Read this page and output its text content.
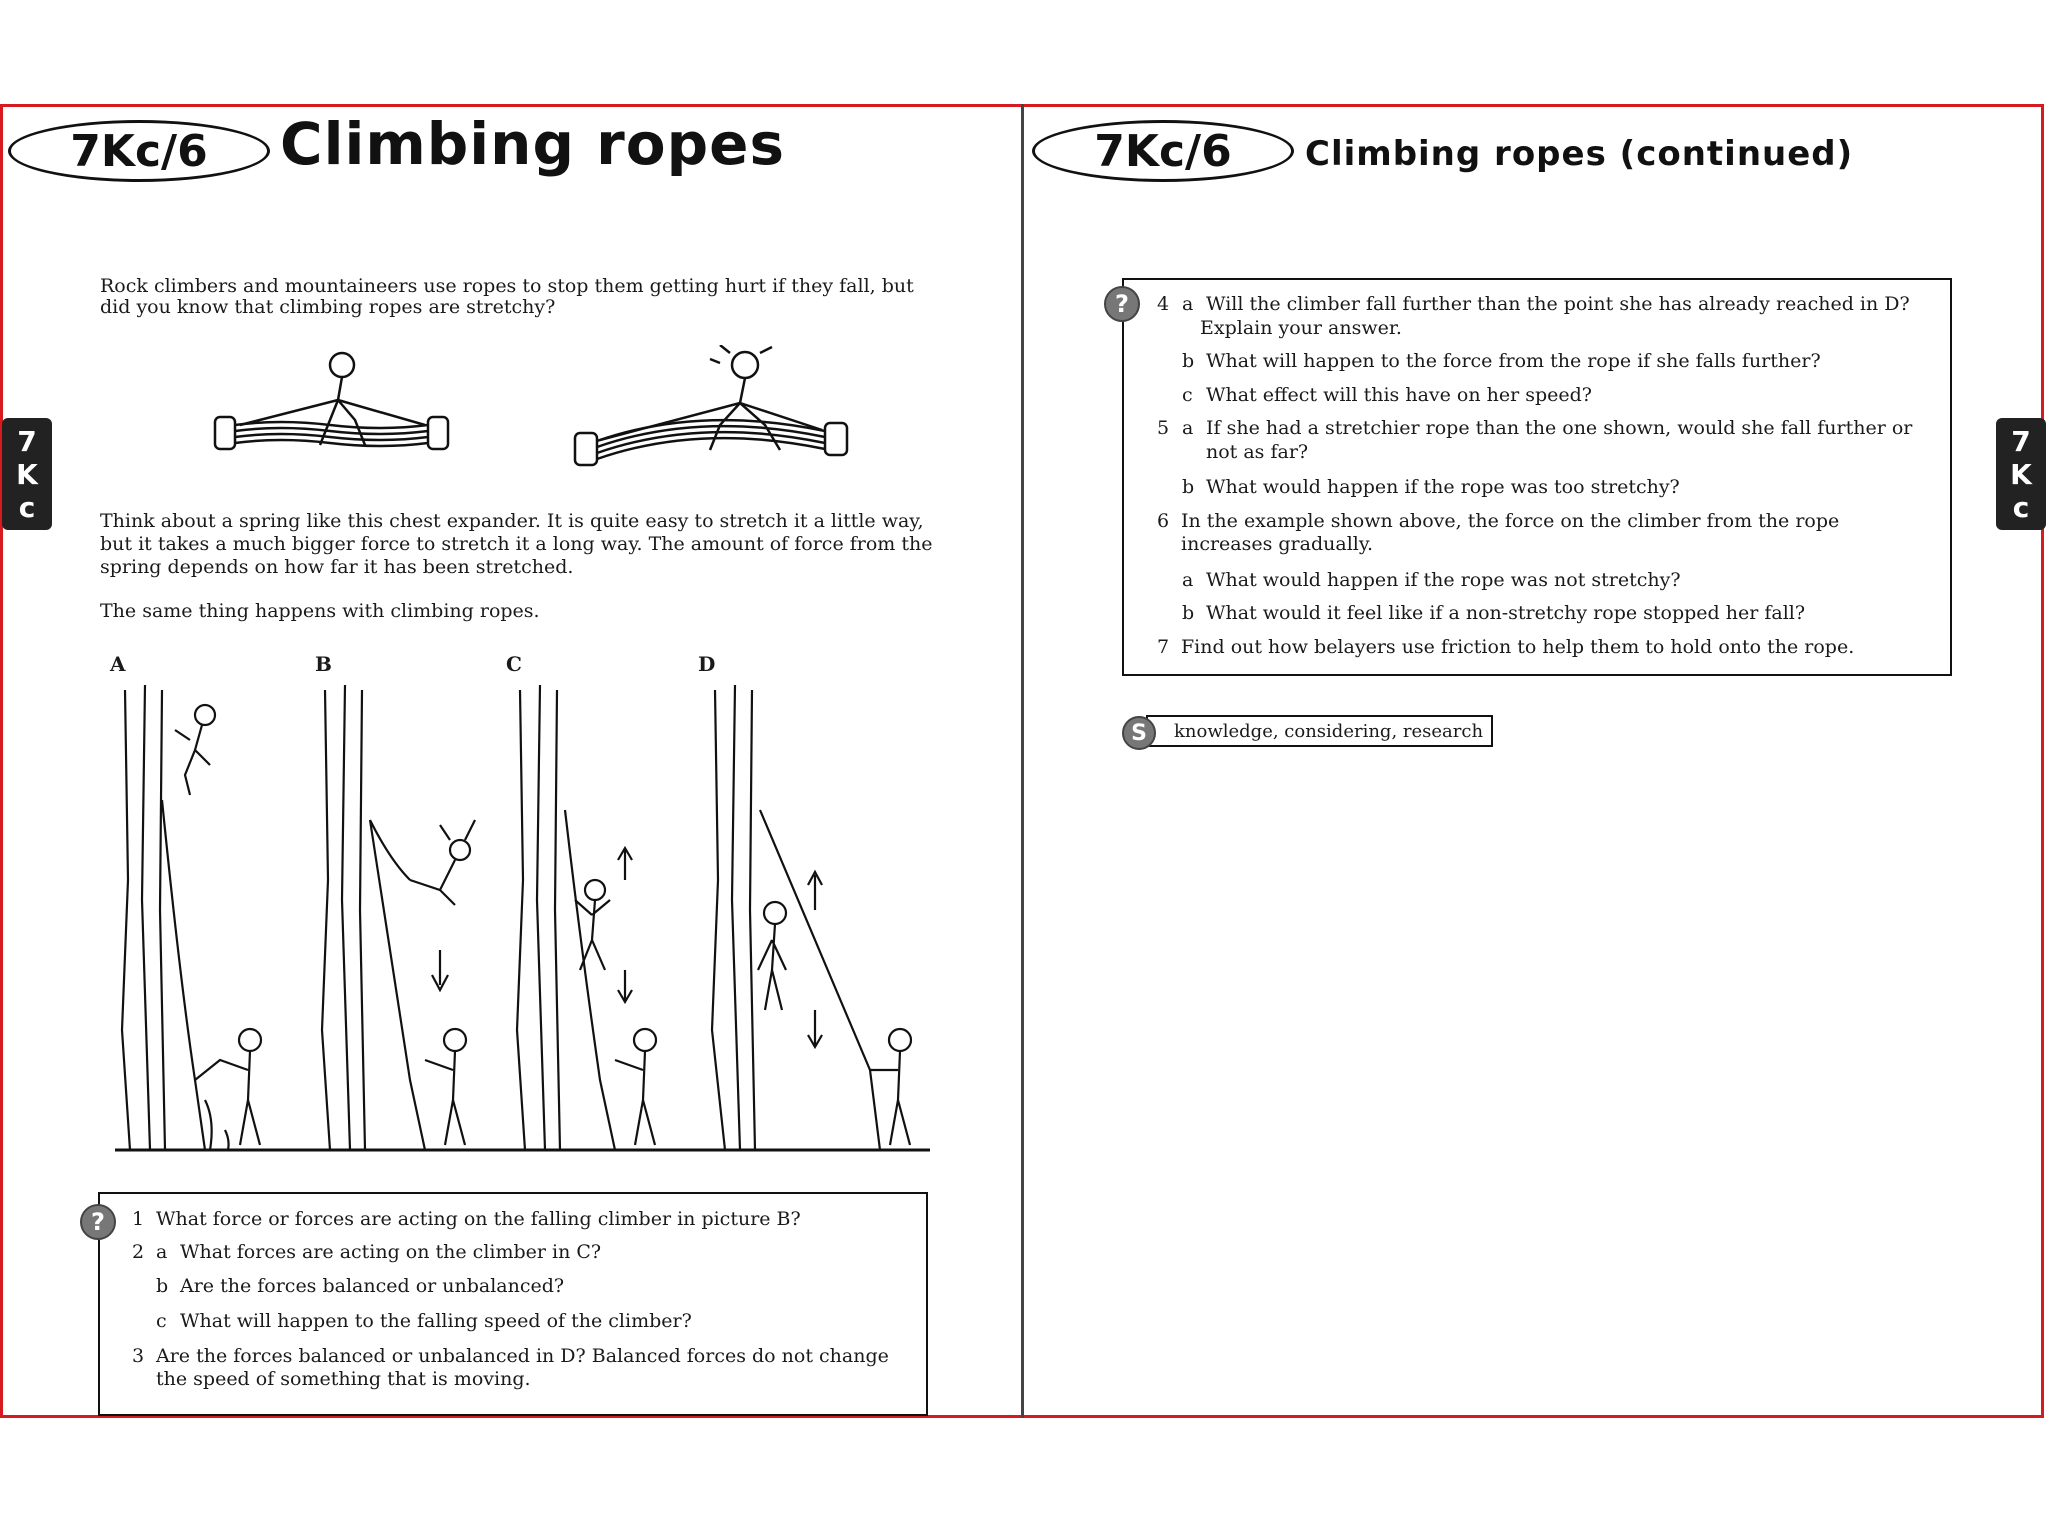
7Kc/6	Climbing ropes
7
K
c
Rock climbers and mountaineers use ropes to stop them getting hurt if they fall, but
did you know that climbing ropes are stretchy?
Think about a spring like this chest expander. It is quite easy to stretch it a little way,
but it takes a much bigger force to stretch it a long way. The amount of force from the
spring depends on how far it has been stretched.
The same thing happens with climbing ropes.
A	B	C	D
?	1 What force or forces are acting on the falling climber in picture B?
2 a What forces are acting on the climber in C?
b Are the forces balanced or unbalanced?
c What will happen to the falling speed of the climber?
3 Are the forces balanced or unbalanced in D? Balanced forces do not change
the speed of something that is moving.
7Kc/6	Climbing ropes (continued)
7
K
c
?	4 a Will the climber fall further than the point she has already reached in D?
Explain your answer.
b What will happen to the force from the rope if she falls further?
c What effect will this have on her speed?
5 a If she had a stretchier rope than the one shown, would she fall further or
not as far?
b What would happen if the rope was too stretchy?
6 In the example shown above, the force on the climber from the rope
increases gradually.
a What would happen if the rope was not stretchy?
b What would it feel like if a non-stretchy rope stopped her fall?
7 Find out how belayers use friction to help them to hold onto the rope.
knowledge, considering, research
S
